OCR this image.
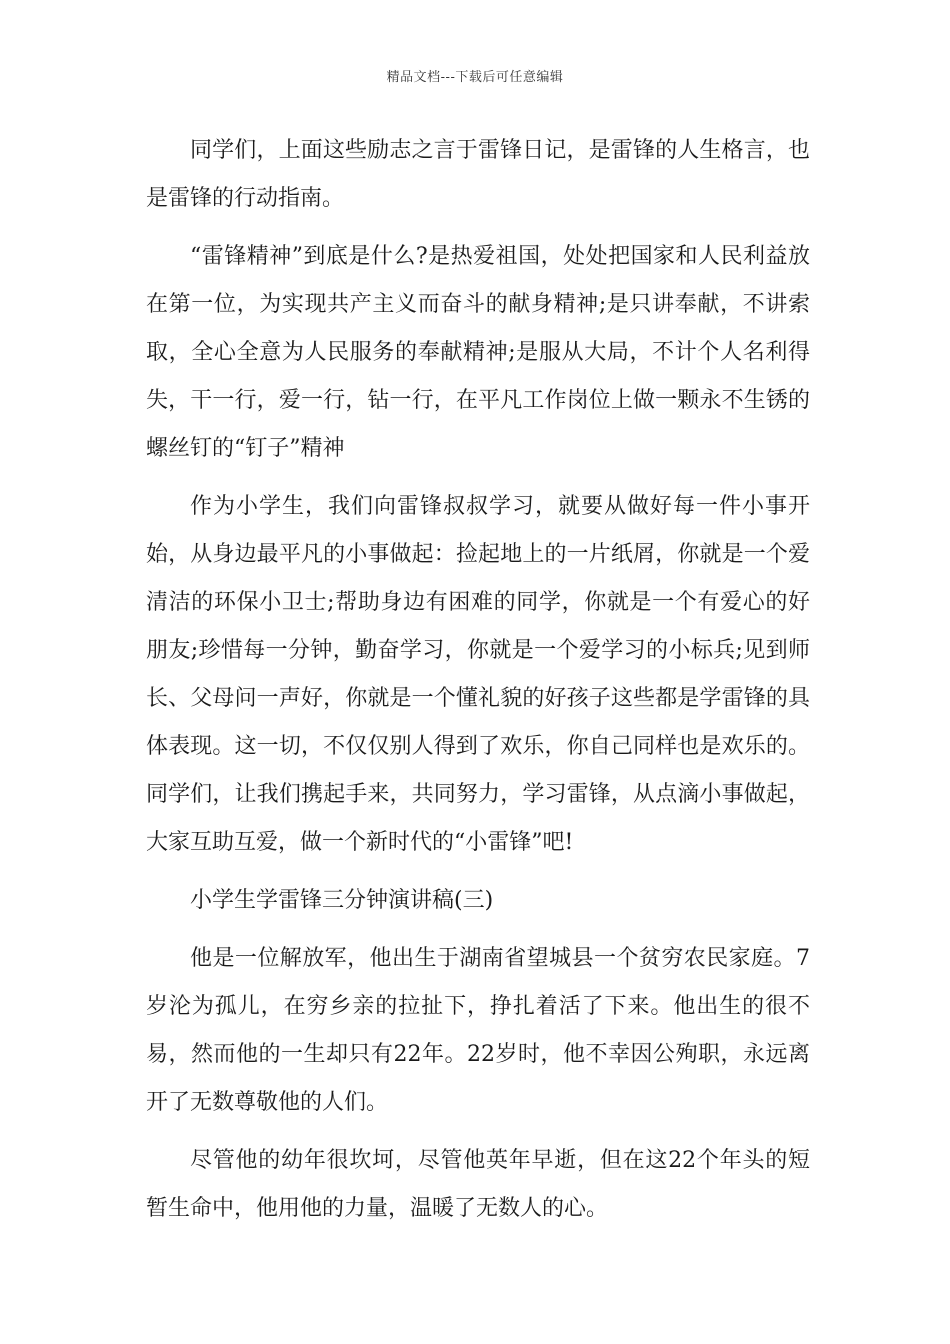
精品文档---下载后可任意编辑

同学们，上面这些励志之言于雷锋日记，是雷锋的人生格言，也是雷锋的行动指南。

“雷锋精神”到底是什么?是热爱祖国，处处把国家和人民利益放在第一位，为实现共产主义而奋斗的献身精神;是只讲奉献，不讲索取，全心全意为人民服务的奉献精神;是服从大局，不计个人名利得失，干一行，爱一行，钻一行，在平凡工作岗位上做一颗永不生锈的螺丝钉的“钉子”精神

作为小学生，我们向雷锋叔叔学习，就要从做好每一件小事开始，从身边最平凡的小事做起：捡起地上的一片纸屑，你就是一个爱清洁的环保小卫士;帮助身边有困难的同学，你就是一个有爱心的好朋友;珍惜每一分钟，勤奋学习，你就是一个爱学习的小标兵;见到师长、父母问一声好，你就是一个懂礼貌的好孩子这些都是学雷锋的具体表现。这一切，不仅仅别人得到了欢乐，你自己同样也是欢乐的。同学们，让我们携起手来，共同努力，学习雷锋，从点滴小事做起，大家互助互爱，做一个新时代的“小雷锋”吧!

小学生学雷锋三分钟演讲稿(三)

他是一位解放军，他出生于湖南省望城县一个贫穷农民家庭。7岁沦为孤儿，在穷乡亲的拉扯下，挣扎着活了下来。他出生的很不易，然而他的一生却只有22年。22岁时，他不幸因公殉职，永远离开了无数尊敬他的人们。

尽管他的幼年很坎坷，尽管他英年早逝，但在这22个年头的短暂生命中，他用他的力量，温暖了无数人的心。
